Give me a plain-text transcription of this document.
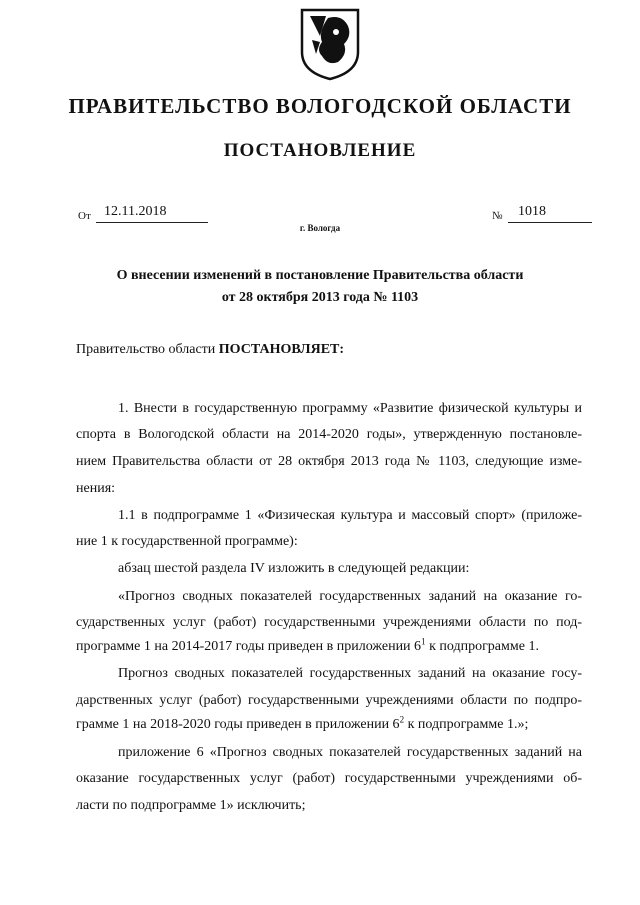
ПРАВИТЕЛЬСТВО ВОЛОГОДСКОЙ ОБЛАСТИ
ПОСТАНОВЛЕНИЕ
От 12.11.2018	№ 1018
г. Вологда
О внесении изменений в постановление Правительства области
от 28 октября 2013 года № 1103
Правительство области ПОСТАНОВЛЯЕТ:
1. Внести в государственную программу «Развитие физической культуры и
спорта в Вологодской области на 2014-2020 годы», утвержденную постановле-
нием Правительства области от 28 октября 2013 года № 1103, следующие изме-
нения:
1.1 в подпрограмме 1 «Физическая культура и массовый спорт» (приложе-
ние 1 к государственной программе):
абзац шестой раздела IV изложить в следующей редакции:
«Прогноз сводных показателей государственных заданий на оказание го-
сударственных услуг (работ) государственными учреждениями области по под-
программе 1 на 2014-2017 годы приведен в приложении $6^1$ к подпрограмме 1.
Прогноз сводных показателей государственных заданий на оказание госу-
дарственных услуг (работ) государственными учреждениями области по подпро-
грамме 1 на 2018-2020 годы приведен в приложении $6^2$ к подпрограмме 1.»;
приложение 6 «Прогноз сводных показателей государственных заданий на
оказание государственных услуг (работ) государственными учреждениями об-
ласти по подпрограмме 1» исключить;
